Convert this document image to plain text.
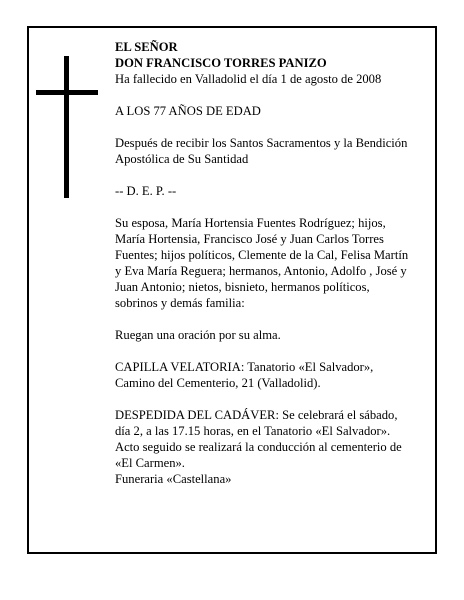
EL SEÑOR

DON FRANCISCO TORRES PANIZO

Ha fallecido en Valladolid el día 1 de agosto de 2008

A LOS 77 AÑOS DE EDAD

Después de recibir los Santos Sacramentos y la Bendición Apostólica de Su Santidad

-- D. E. P. --

Su esposa, María Hortensia Fuentes Rodríguez; hijos, María Hortensia, Francisco José y Juan Carlos Torres Fuentes; hijos políticos, Clemente de la Cal, Felisa Martín y Eva María Reguera; hermanos, Antonio, Adolfo , José y Juan Antonio; nietos, bisnieto, hermanos políticos, sobrinos y demás familia:

Ruegan una oración por su alma.

CAPILLA VELATORIA: Tanatorio «El Salvador», Camino del Cementerio, 21 (Valladolid).

DESPEDIDA DEL CADÁVER: Se celebrará el sábado, día 2, a las 17.15 horas, en el Tanatorio «El Salvador». Acto seguido se realizará la conducción al cementerio de «El Carmen».

Funeraria «Castellana»
